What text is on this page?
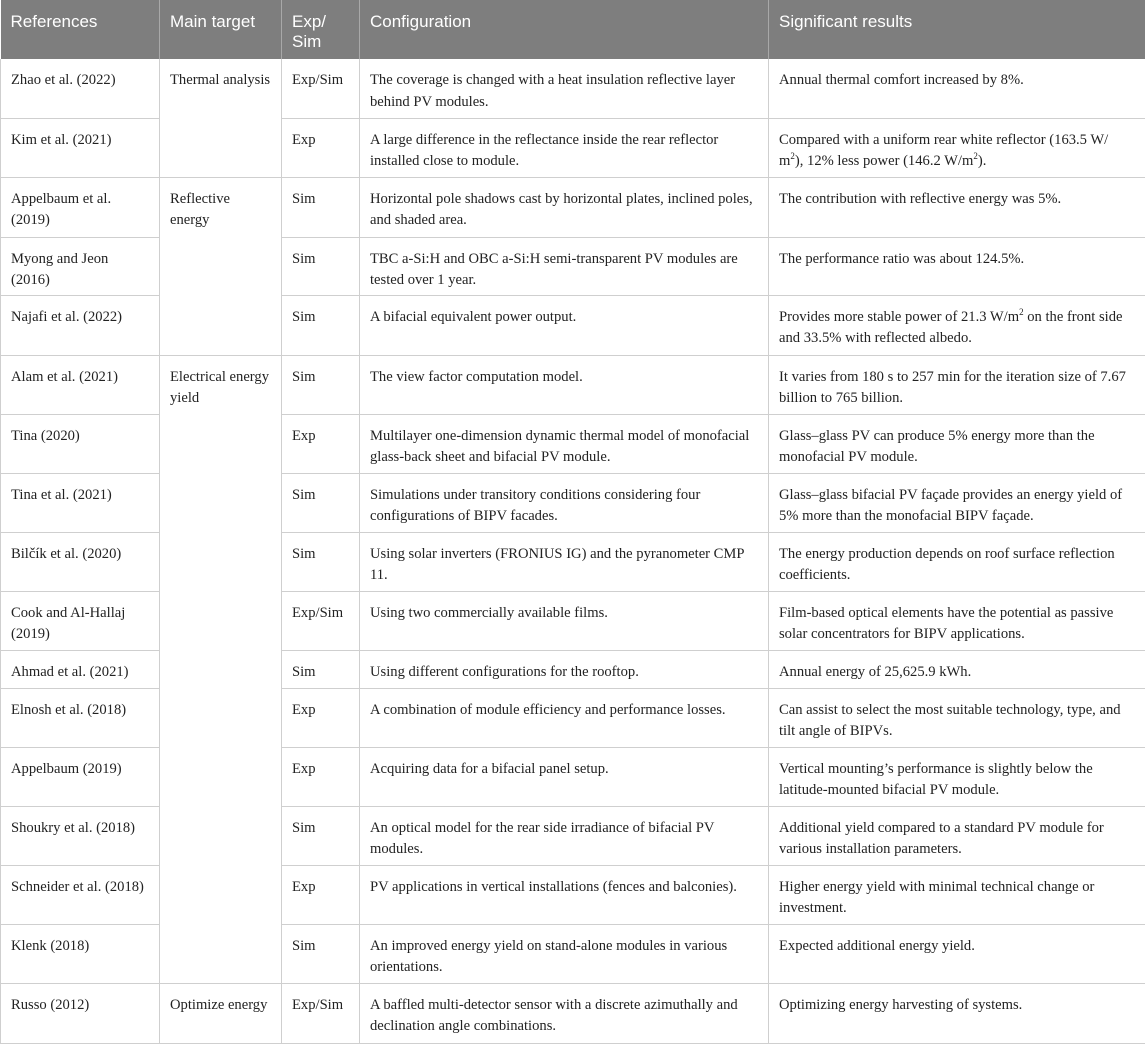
References	Main target	Exp/ Sim	Configuration	Significant results
Zhao et al. (2022)	Thermal analysis	Exp/Sim	The coverage is changed with a heat insulation reflective layer behind PV modules.	Annual thermal comfort increased by 8%.
Kim et al. (2021)		Exp	A large difference in the reflectance inside the rear reflector installed close to module.	Compared with a uniform rear white reflector (163.5 W/ $m^2$), 12% less power (146.2 $W/m^2$).
Appelbaum et al. (2019)	Reflective energy	Sim	Horizontal pole shadows cast by horizontal plates, inclined poles, and shaded area.	The contribution with reflective energy was 5%.
Myong and Jeon (2016)		Sim	TBC a-Si:H and OBC a-Si:H semi-transparent PV modules are tested over 1 year.	The performance ratio was about 124.5%.
Najafi et al. (2022)		Sim	A bifacial equivalent power output.	Provides more stable power of 21.3 $W/m^2$ on the front side and 33.5% with reflected albedo.
Alam et al. (2021)	Electrical energy yield	Sim	The view factor computation model.	It varies from 180 s to 257 min for the iteration size of 7.67 billion to 765 billion.
Tina (2020)		Exp	Multilayer one-dimension dynamic thermal model of monofacial glass-back sheet and bifacial PV module.	Glass–glass PV can produce 5% energy more than the monofacial PV module.
Tina et al. (2021)		Sim	Simulations under transitory conditions considering four configurations of BIPV facades.	Glass–glass bifacial PV façade provides an energy yield of 5% more than the monofacial BIPV façade.
Bilčík et al. (2020)		Sim	Using solar inverters (FRONIUS IG) and the pyranometer CMP 11.	The energy production depends on roof surface reflection coefficients.
Cook and Al-Hallaj (2019)		Exp/Sim	Using two commercially available films.	Film-based optical elements have the potential as passive solar concentrators for BIPV applications.
Ahmad et al. (2021)		Sim	Using different configurations for the rooftop.	Annual energy of 25,625.9 kWh.
Elnosh et al. (2018)		Exp	A combination of module efficiency and performance losses.	Can assist to select the most suitable technology, type, and tilt angle of BIPVs.
Appelbaum (2019)		Exp	Acquiring data for a bifacial panel setup.	Vertical mounting’s performance is slightly below the latitude-mounted bifacial PV module.
Shoukry et al. (2018)		Sim	An optical model for the rear side irradiance of bifacial PV modules.	Additional yield compared to a standard PV module for various installation parameters.
Schneider et al. (2018)		Exp	PV applications in vertical installations (fences and balconies).	Higher energy yield with minimal technical change or investment.
Klenk (2018)		Sim	An improved energy yield on stand-alone modules in various orientations.	Expected additional energy yield.
Russo (2012)	Optimize energy	Exp/Sim	A baffled multi-detector sensor with a discrete azimuthally and declination angle combinations.	Optimizing energy harvesting of systems.
